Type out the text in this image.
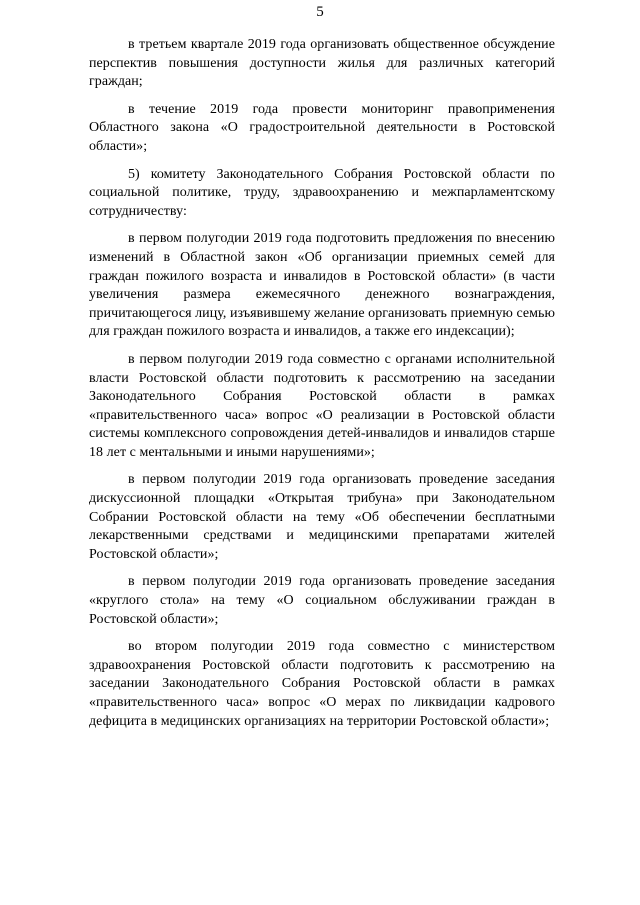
5

в третьем квартале 2019 года организовать общественное обсуждение перспектив повышения доступности жилья для различных категорий граждан;

в течение 2019 года провести мониторинг правоприменения Областного закона «О градостроительной деятельности в Ростовской области»;

5) комитету Законодательного Собрания Ростовской области по социальной политике, труду, здравоохранению и межпарламентскому сотрудничеству:

в первом полугодии 2019 года подготовить предложения по внесению изменений в Областной закон «Об организации приемных семей для граждан пожилого возраста и инвалидов в Ростовской области» (в части увеличения размера ежемесячного денежного вознаграждения, причитающегося лицу, изъявившему желание организовать приемную семью для граждан пожилого возраста и инвалидов, а также его индексации);

в первом полугодии 2019 года совместно с органами исполнительной власти Ростовской области подготовить к рассмотрению на заседании Законодательного Собрания Ростовской области в рамках «правительственного часа» вопрос «О реализации в Ростовской области системы комплексного сопровождения детей-инвалидов и инвалидов старше 18 лет с ментальными и иными нарушениями»;

в первом полугодии 2019 года организовать проведение заседания дискуссионной площадки «Открытая трибуна» при Законодательном Собрании Ростовской области на тему «Об обеспечении бесплатными лекарственными средствами и медицинскими препаратами жителей Ростовской области»;

в первом полугодии 2019 года организовать проведение заседания «круглого стола» на тему «О социальном обслуживании граждан в Ростовской области»;

во втором полугодии 2019 года совместно с министерством здравоохранения Ростовской области подготовить к рассмотрению на заседании Законодательного Собрания Ростовской области в рамках «правительственного часа» вопрос «О мерах по ликвидации кадрового дефицита в медицинских организациях на территории Ростовской области»;
